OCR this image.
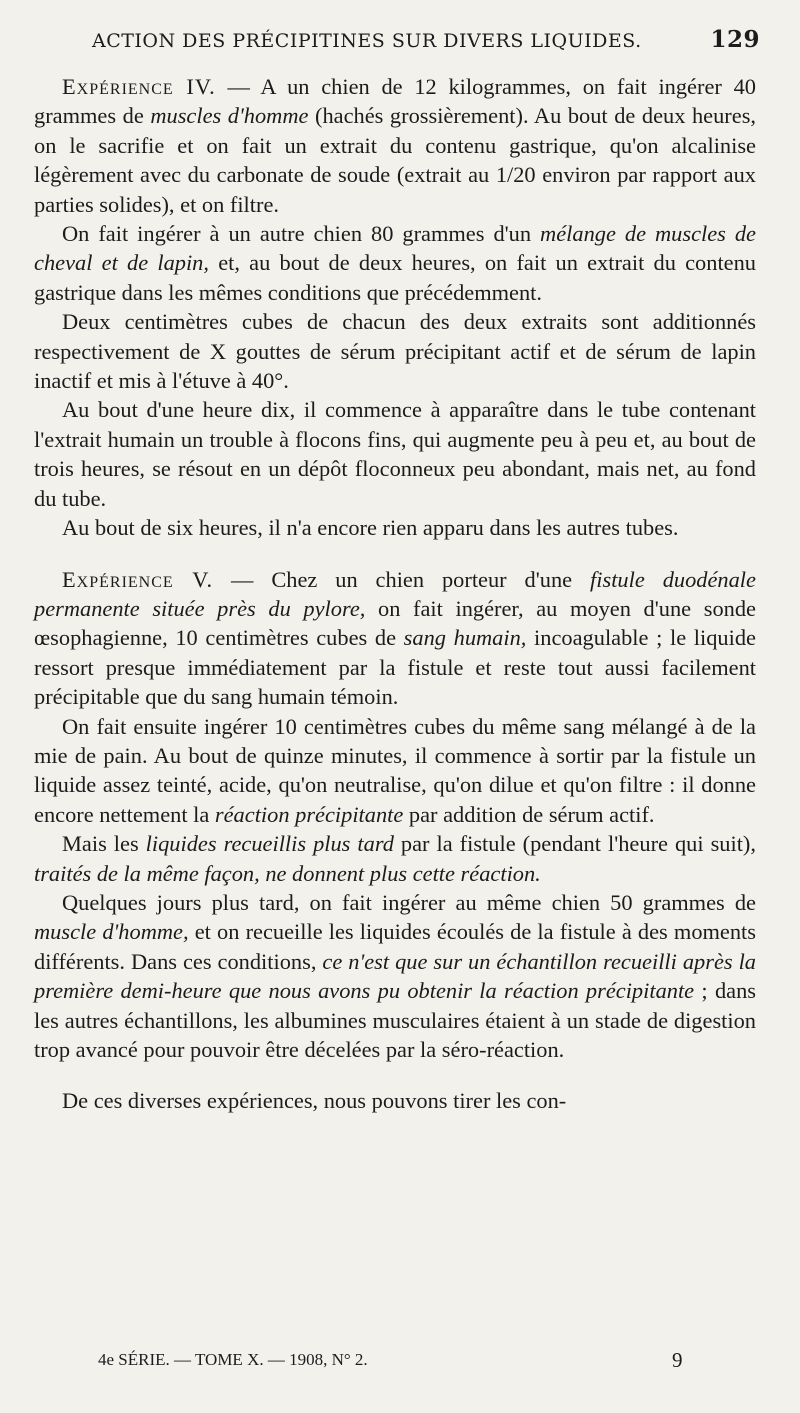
ACTION DES PRÉCIPITINES SUR DIVERS LIQUIDES.	129

Expérience IV. — A un chien de 12 kilogrammes, on fait ingérer 40 grammes de muscles d'homme (hachés grossièrement). Au bout de deux heures, on le sacrifie et on fait un extrait du contenu gastrique, qu'on alcalinise légèrement avec du carbonate de soude (extrait au 1/20 environ par rapport aux parties solides), et on filtre.

On fait ingérer à un autre chien 80 grammes d'un mélange de muscles de cheval et de lapin, et, au bout de deux heures, on fait un extrait du contenu gastrique dans les mêmes conditions que précédemment.

Deux centimètres cubes de chacun des deux extraits sont additionnés respectivement de X gouttes de sérum précipitant actif et de sérum de lapin inactif et mis à l'étuve à 40°.

Au bout d'une heure dix, il commence à apparaître dans le tube contenant l'extrait humain un trouble à flocons fins, qui augmente peu à peu et, au bout de trois heures, se résout en un dépôt floconneux peu abondant, mais net, au fond du tube.

Au bout de six heures, il n'a encore rien apparu dans les autres tubes.

Expérience V. — Chez un chien porteur d'une fistule duodénale permanente située près du pylore, on fait ingérer, au moyen d'une sonde œsophagienne, 10 centimètres cubes de sang humain, incoagulable ; le liquide ressort presque immédiatement par la fistule et reste tout aussi facilement précipitable que du sang humain témoin.

On fait ensuite ingérer 10 centimètres cubes du même sang mélangé à de la mie de pain. Au bout de quinze minutes, il commence à sortir par la fistule un liquide assez teinté, acide, qu'on neutralise, qu'on dilue et qu'on filtre : il donne encore nettement la réaction précipitante par addition de sérum actif.

Mais les liquides recueillis plus tard par la fistule (pendant l'heure qui suit), traités de la même façon, ne donnent plus cette réaction.

Quelques jours plus tard, on fait ingérer au même chien 50 grammes de muscle d'homme, et on recueille les liquides écoulés de la fistule à des moments différents. Dans ces conditions, ce n'est que sur un échantillon recueilli après la première demi-heure que nous avons pu obtenir la réaction précipitante ; dans les autres échantillons, les albumines musculaires étaient à un stade de digestion trop avancé pour pouvoir être décelées par la séro-réaction.

De ces diverses expériences, nous pouvons tirer les con-

4e SÉRIE. — TOME X. — 1908, N° 2.	9
